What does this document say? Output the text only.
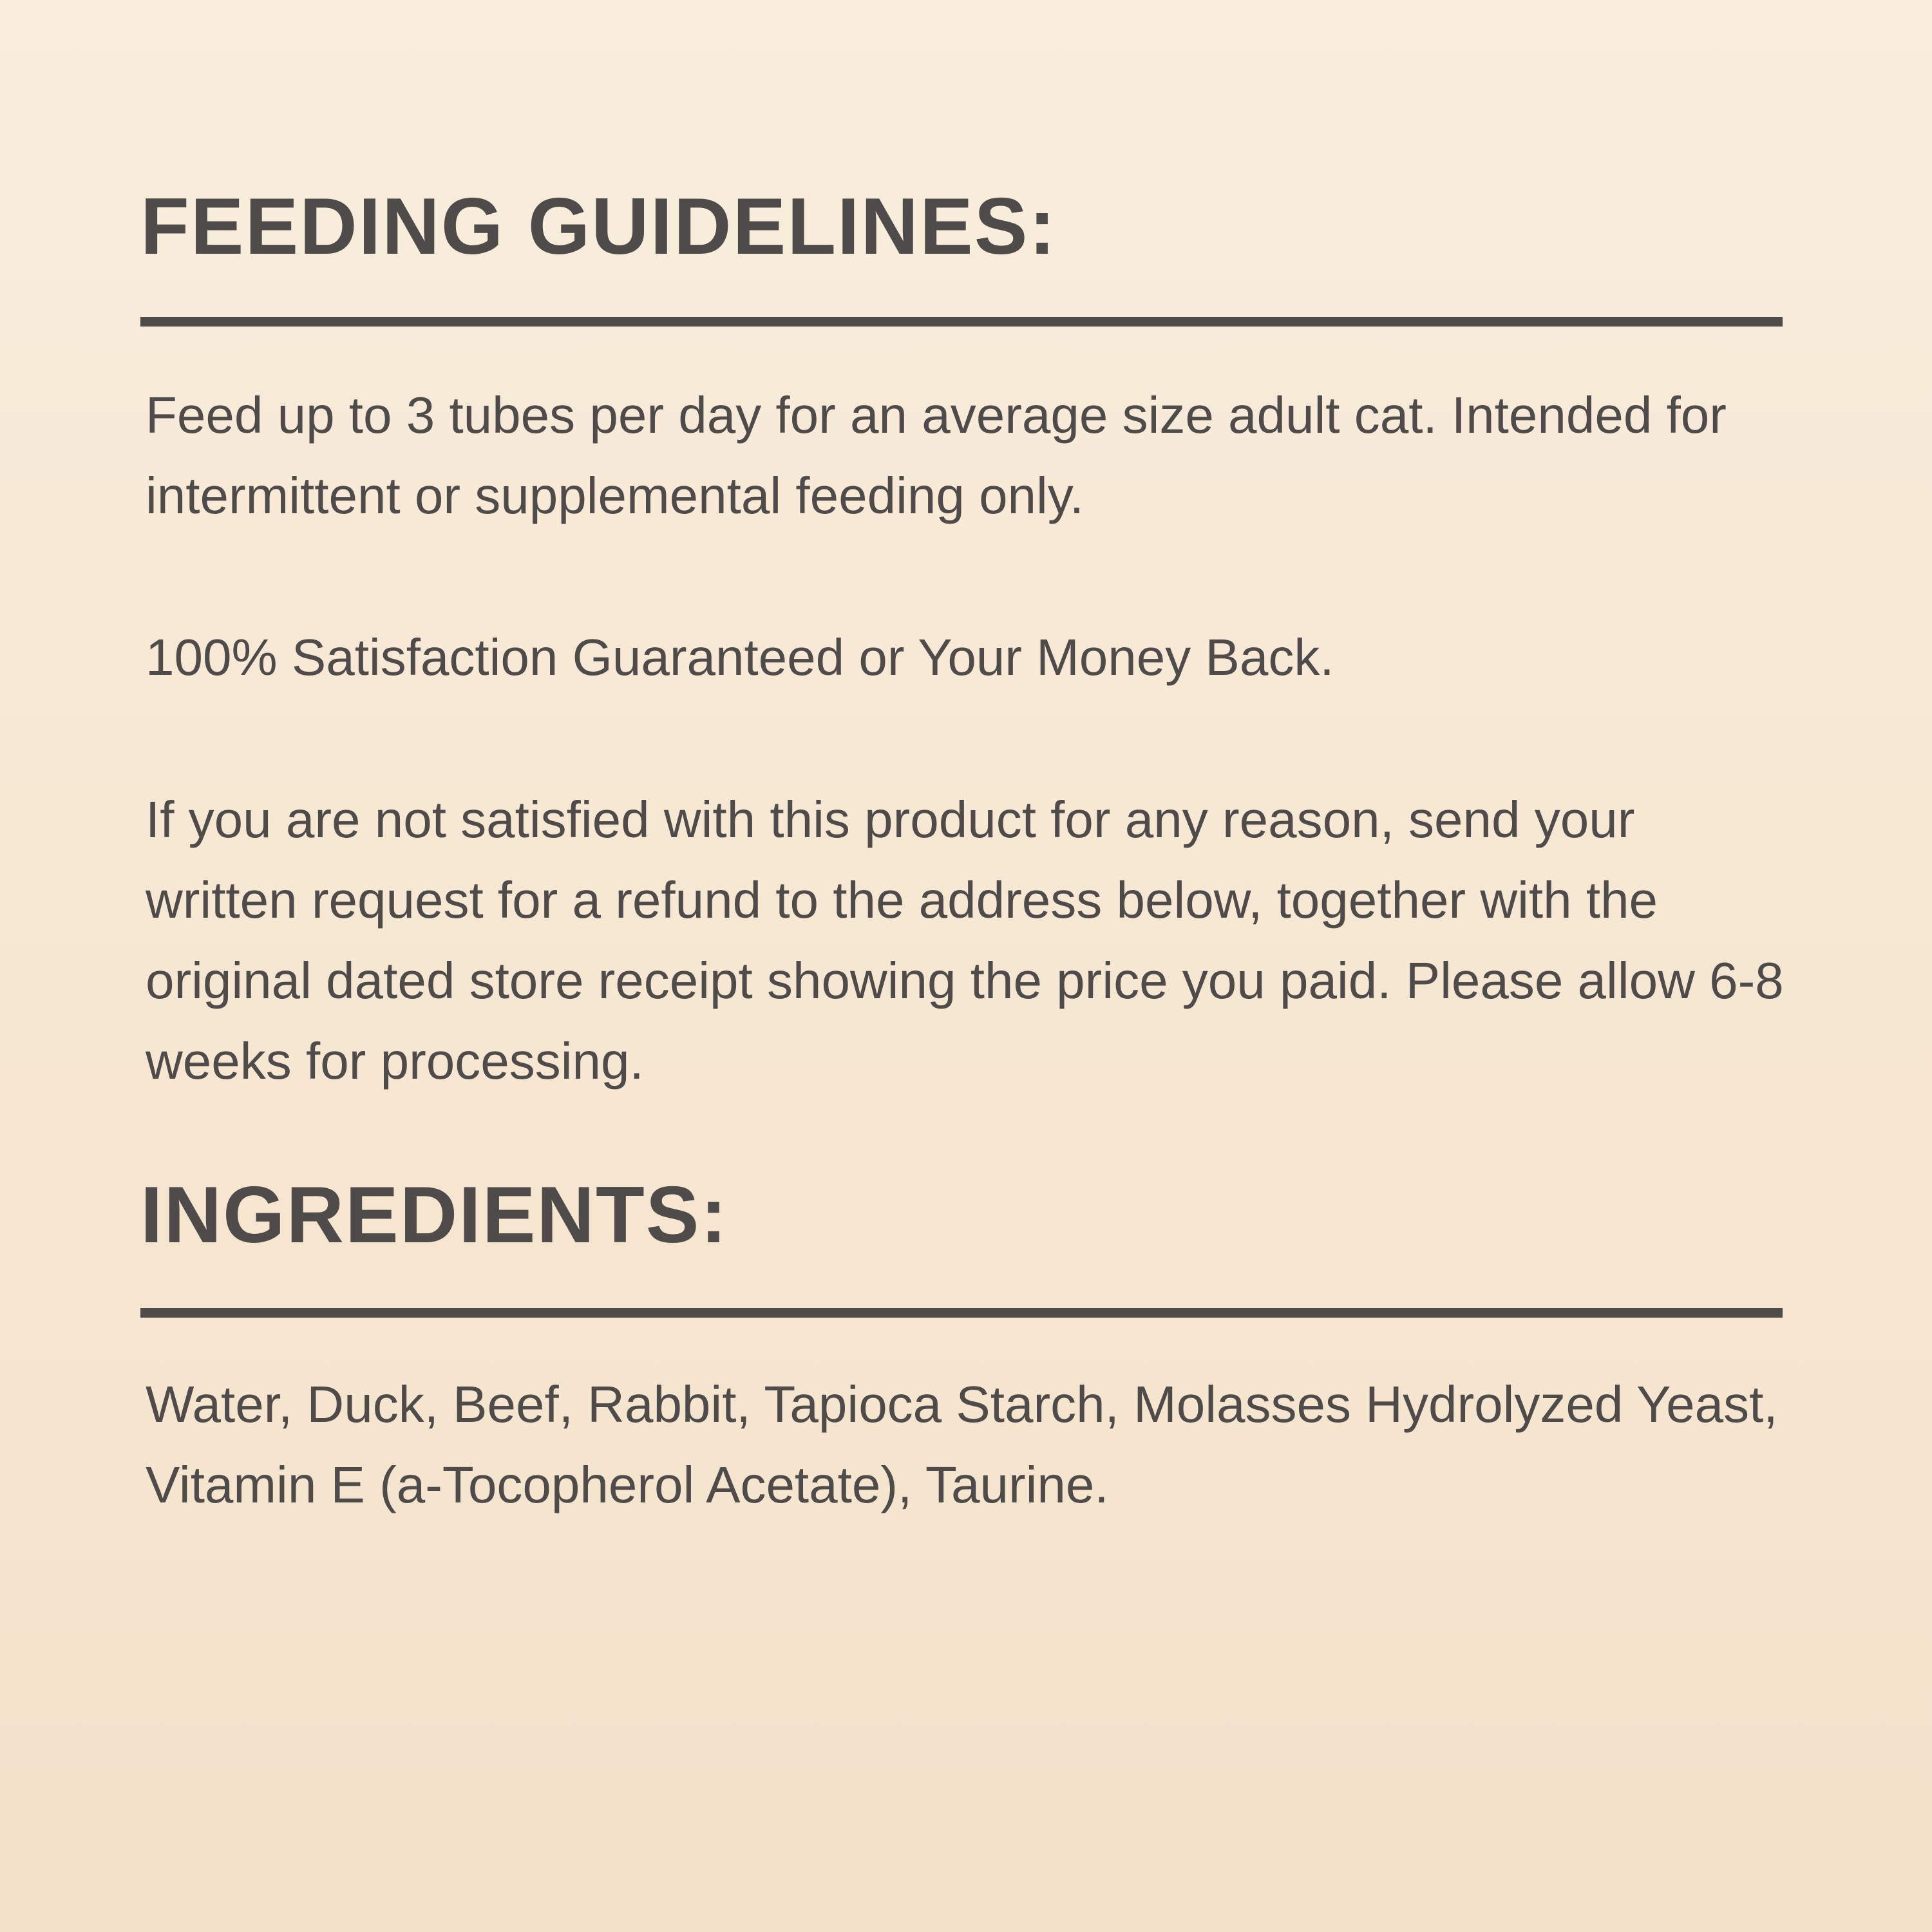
FEEDING GUIDELINES:

Feed up to 3 tubes per day for an average size adult cat. Intended for intermittent or supplemental feeding only.

100% Satisfaction Guaranteed or Your Money Back.

If you are not satisfied with this product for any reason, send your written request for a refund to the address below, together with the original dated store receipt showing the price you paid. Please allow 6-8 weeks for processing.

INGREDIENTS:

Water, Duck, Beef, Rabbit, Tapioca Starch, Molasses Hydrolyzed Yeast, Vitamin E (a-Tocopherol Acetate), Taurine.
